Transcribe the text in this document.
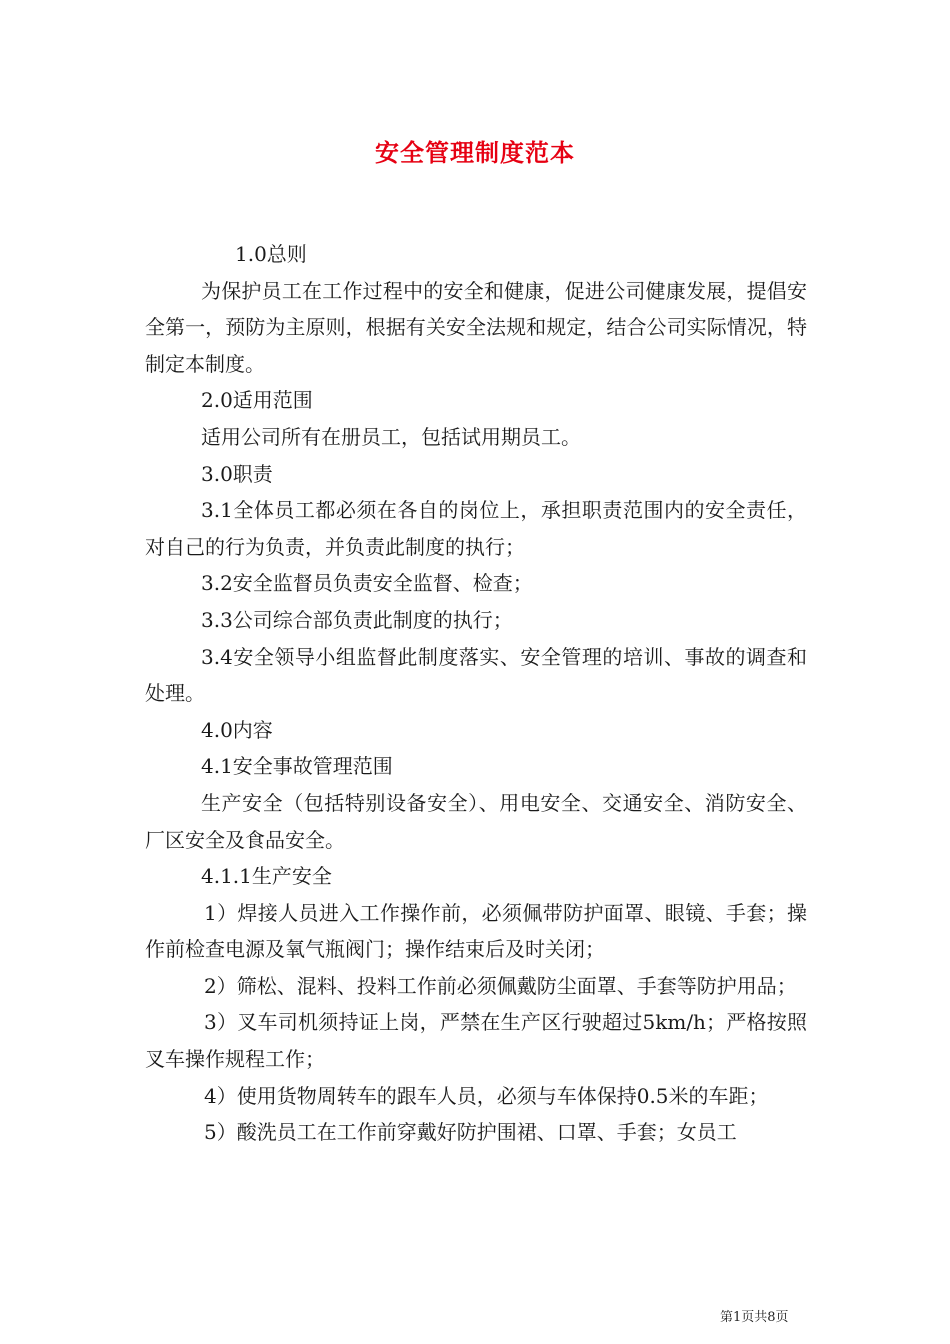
安全管理制度范本

1.0总则

为保护员工在工作过程中的安全和健康，促进公司健康发展，提倡安全第一，预防为主原则，根据有关安全法规和规定，结合公司实际情况，特制定本制度。

2.0适用范围

适用公司所有在册员工，包括试用期员工。

3.0职责

3.1全体员工都必须在各自的岗位上，承担职责范围内的安全责任，对自己的行为负责，并负责此制度的执行；

3.2安全监督员负责安全监督、检查；

3.3公司综合部负责此制度的执行；

3.4安全领导小组监督此制度落实、安全管理的培训、事故的调查和处理。

4.0内容

4.1安全事故管理范围

生产安全（包括特别设备安全）、用电安全、交通安全、消防安全、厂区安全及食品安全。

4.1.1生产安全

1）焊接人员进入工作操作前，必须佩带防护面罩、眼镜、手套；操作前检查电源及氧气瓶阀门；操作结束后及时关闭；

2）筛松、混料、投料工作前必须佩戴防尘面罩、手套等防护用品；

3）叉车司机须持证上岗，严禁在生产区行驶超过5km/h；严格按照叉车操作规程工作；

4）使用货物周转车的跟车人员，必须与车体保持0.5米的车距；

5）酸洗员工在工作前穿戴好防护围裙、口罩、手套；女员工

第1页共8页
